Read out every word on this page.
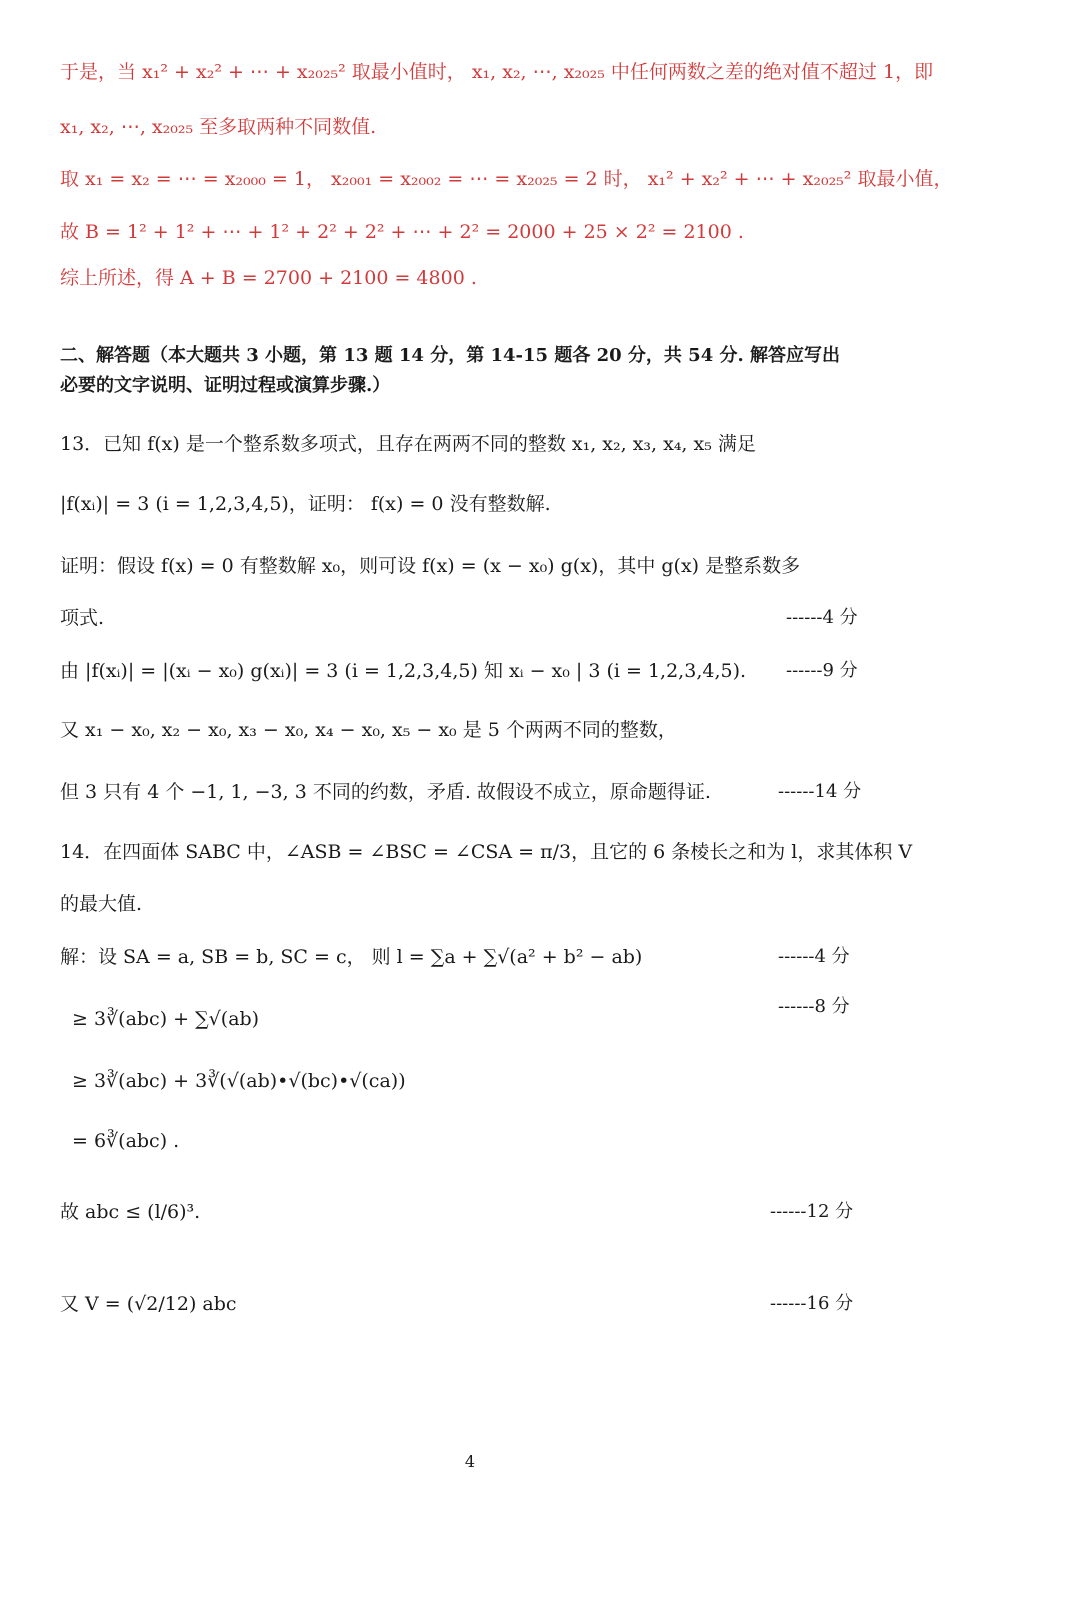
于是，当 x₁² + x₂² + ⋯ + x₂₀₂₅² 取最小值时， x₁, x₂, ⋯, x₂₀₂₅ 中任何两数之差的绝对值不超过 1，即
x₁, x₂, ⋯, x₂₀₂₅ 至多取两种不同数值.
取 x₁ = x₂ = ⋯ = x₂₀₀₀ = 1， x₂₀₀₁ = x₂₀₀₂ = ⋯ = x₂₀₂₅ = 2 时， x₁² + x₂² + ⋯ + x₂₀₂₅² 取最小值，
故 B = 1² + 1² + ⋯ + 1² + 2² + 2² + ⋯ + 2² = 2000 + 25 × 2² = 2100 .
综上所述，得 A + B = 2700 + 2100 = 4800 .
二、解答题（本大题共 3 小题，第 13 题 14 分，第 14-15 题各 20 分，共 54 分. 解答应写出
必要的文字说明、证明过程或演算步骤.）
13．已知 f(x) 是一个整系数多项式，且存在两两不同的整数 x₁, x₂, x₃, x₄, x₅ 满足
|f(xᵢ)| = 3 (i = 1,2,3,4,5)，证明： f(x) = 0 没有整数解.
证明：假设 f(x) = 0 有整数解 x₀，则可设 f(x) = (x − x₀) g(x)，其中 g(x) 是整系数多
项式.	------4 分
由 |f(xᵢ)| = |(xᵢ − x₀) g(xᵢ)| = 3 (i = 1,2,3,4,5) 知 xᵢ − x₀ | 3 (i = 1,2,3,4,5). ------9 分
又 x₁ − x₀, x₂ − x₀, x₃ − x₀, x₄ − x₀, x₅ − x₀ 是 5 个两两不同的整数，
但 3 只有 4 个 −1, 1, −3, 3 不同的约数，矛盾. 故假设不成立，原命题得证.	------14 分
14．在四面体 SABC 中，∠ASB = ∠BSC = ∠CSA = π/3，且它的 6 条棱长之和为 l，求其体积 V
的最大值.
解：设 SA = a, SB = b, SC = c， 则 l = ∑a + ∑√(a² + b² − ab)	------4 分
≥ 3∛(abc) + ∑√(ab)
------8 分
≥ 3∛(abc) + 3∛(√(ab)•√(bc)•√(ca))
= 6∛(abc) .
故 abc ≤ (l/6)³.	------12 分
又 V = (√2/12) abc	------16 分
4
